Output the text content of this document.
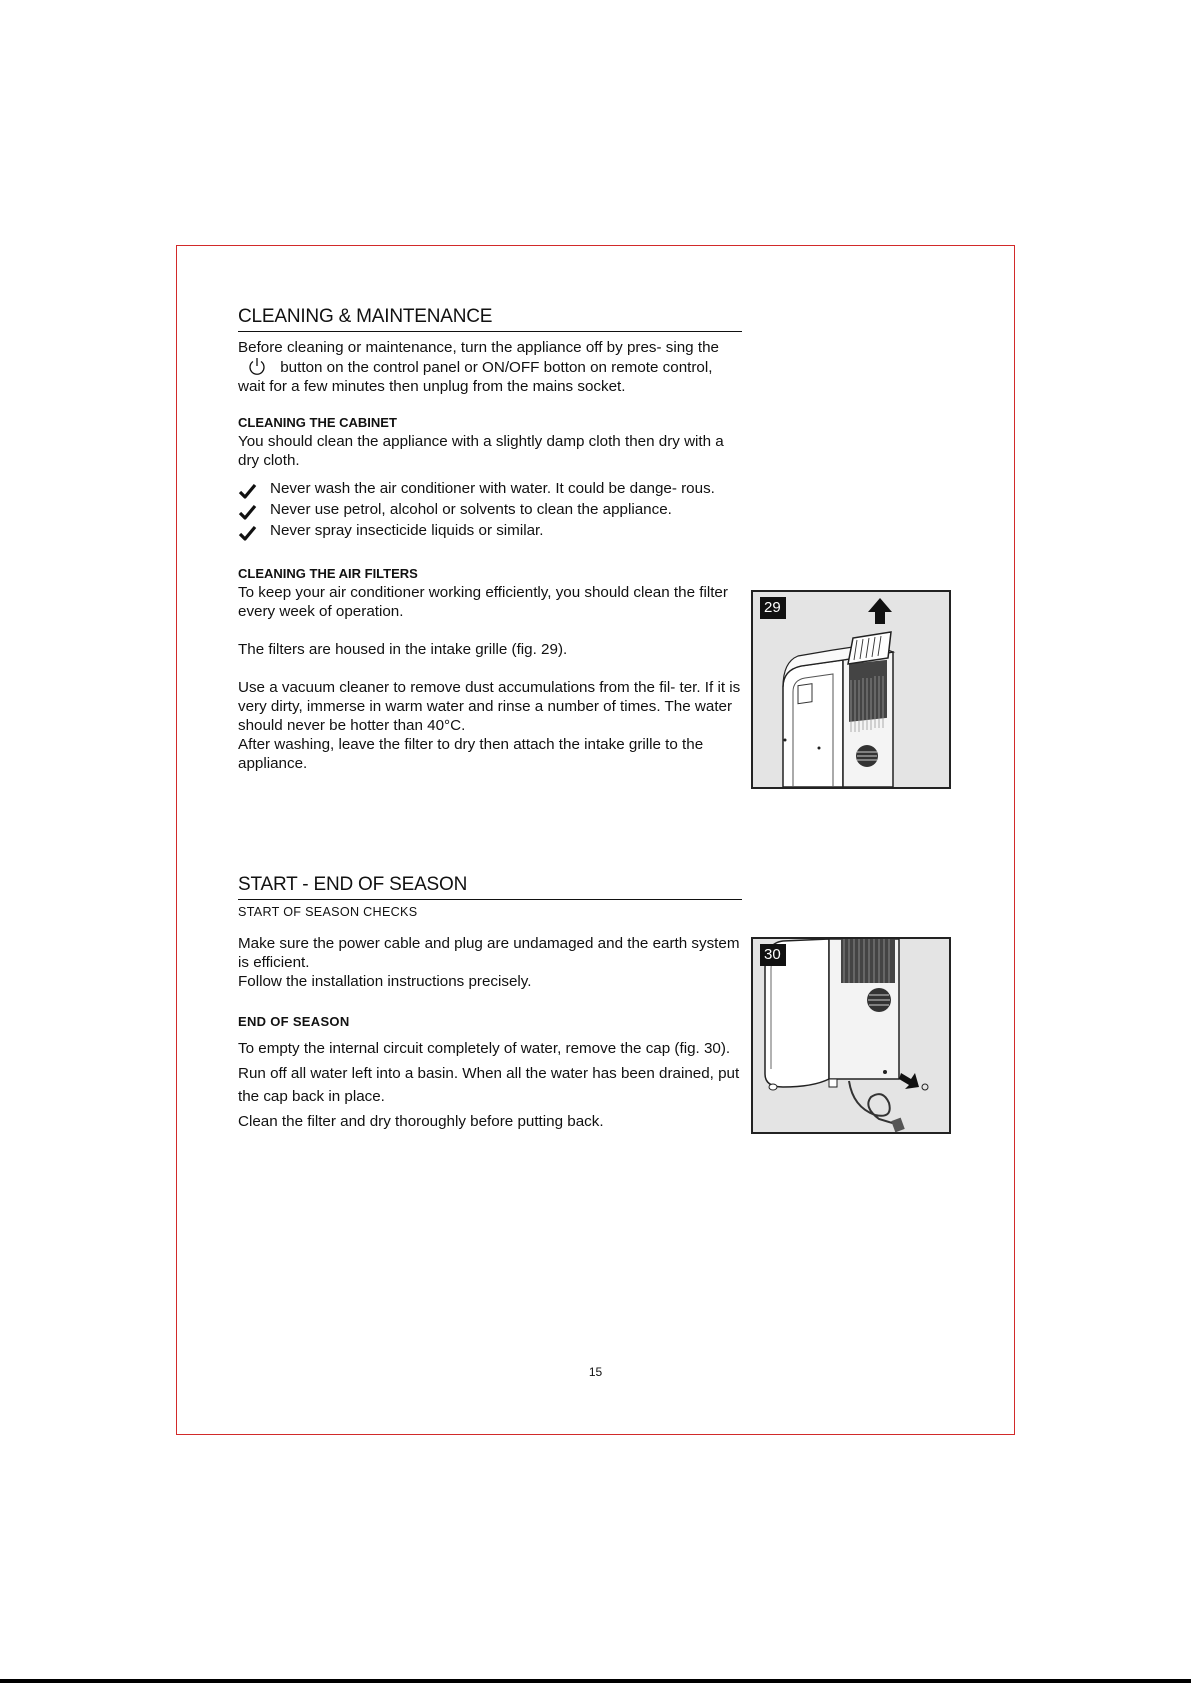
CLEANING & MAINTENANCE

Before cleaning or maintenance, turn the appliance off by pres- sing the  button on the control panel or ON/OFF botton on remote control, wait for a few minutes then unplug from the mains socket.

CLEANING THE CABINET

You should clean the appliance with a slightly damp cloth then dry with a dry cloth.

Never wash the air conditioner with water. It could be dange- rous.
Never use petrol, alcohol or solvents to clean the appliance.
Never spray insecticide liquids or similar.
CLEANING THE AIR FILTERS

To keep your air conditioner working efficiently, you should clean the filter every week of operation.

The filters are housed in the intake grille (fig. 29).

Use a vacuum cleaner to remove dust accumulations from the fil- ter. If it is very dirty, immerse in warm water and rinse a number of times. The water should never be hotter than 40°C.

After washing, leave the filter to dry then attach the intake grille to the appliance.

START - END OF SEASON

START OF SEASON CHECKS

Make sure the power cable and plug are undamaged and the earth system is efficient.

Follow the installation instructions precisely.

END OF SEASON

To empty the internal circuit completely of water, remove the cap (fig. 30).

Run off all water left into a basin. When all the water has been drained, put the cap back in place.

Clean the filter and dry thoroughly before putting back.

29
30
15
